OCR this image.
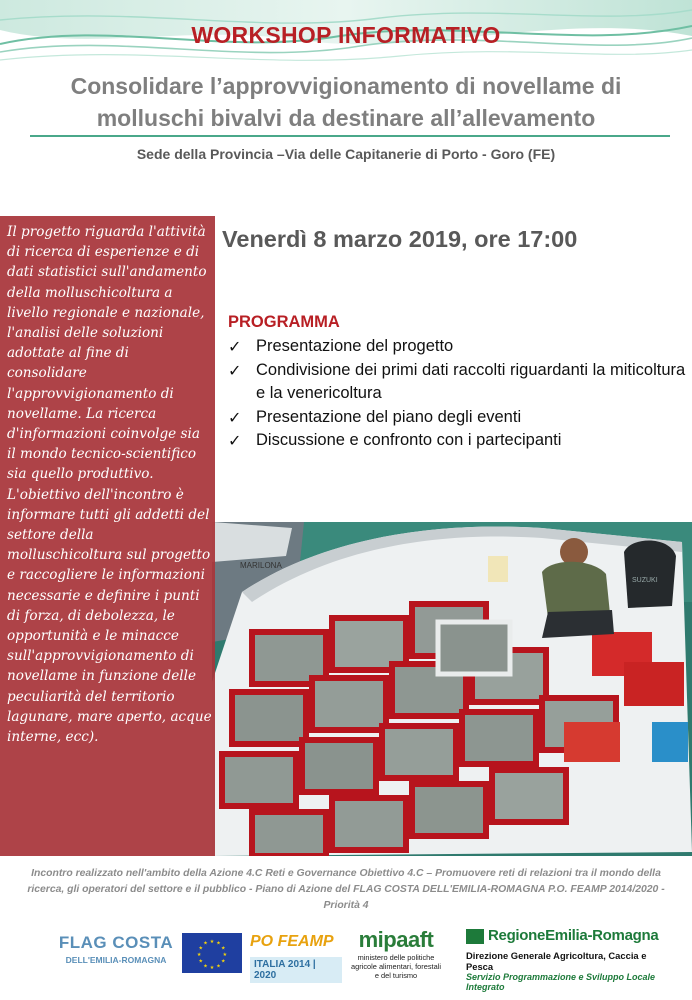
WORKSHOP INFORMATIVO
Consolidare l’approvvigionamento di novellame di
molluschi bivalvi da destinare all’allevamento
Sede della Provincia –Via delle Capitanerie di Porto - Goro (FE)
Venerdì 8 marzo 2019, ore 17:00
PROGRAMMA
✓ Presentazione del progetto
✓ Condivisione dei primi dati raccolti riguardanti la miticoltura e la venericoltura
✓ Presentazione del piano degli eventi
✓ Discussione e confronto con i partecipanti
MARILONA
SUZUKI
Il progetto riguarda l'attività di ricerca di esperienze e di dati statistici sull'andamento della molluschicoltura a livello regionale e nazionale, l'analisi delle soluzioni adottate al fine di consolidare l'approvvigionamento di novellame. La ricerca d'informazioni coinvolge sia il mondo tecnico-scientifico sia quello produttivo. L'obiettivo dell'incontro è informare tutti gli addetti del settore della molluschicoltura sul progetto e raccogliere le informazioni necessarie e definire i punti di forza, di debolezza, le opportunità e le minacce sull'approvvigionamento di novellame in funzione delle peculiarità del territorio lagunare, mare aperto, acque interne, ecc).
Incontro realizzato nell'ambito della Azione 4.C Reti e Governance Obiettivo 4.C – Promuovere reti di relazioni tra il mondo della ricerca, gli operatori del settore e il pubblico - Piano di Azione del FLAG COSTA DELL'EMILIA-ROMAGNA P.O. FEAMP 2014/2020 - Priorità 4
FLAG COSTA
DELL'EMILIA-ROMAGNA
★ ★
★
★
★
★
★
★
★
★
★
★	PO FEAMP
ITALIA 2014 | 2020
mipaaft
ministero delle politiche agricole alimentari, forestali e del turismo
RegioneEmilia-Romagna
Direzione Generale Agricoltura, Caccia e Pesca
Servizio Programmazione e Sviluppo Locale Integrato
